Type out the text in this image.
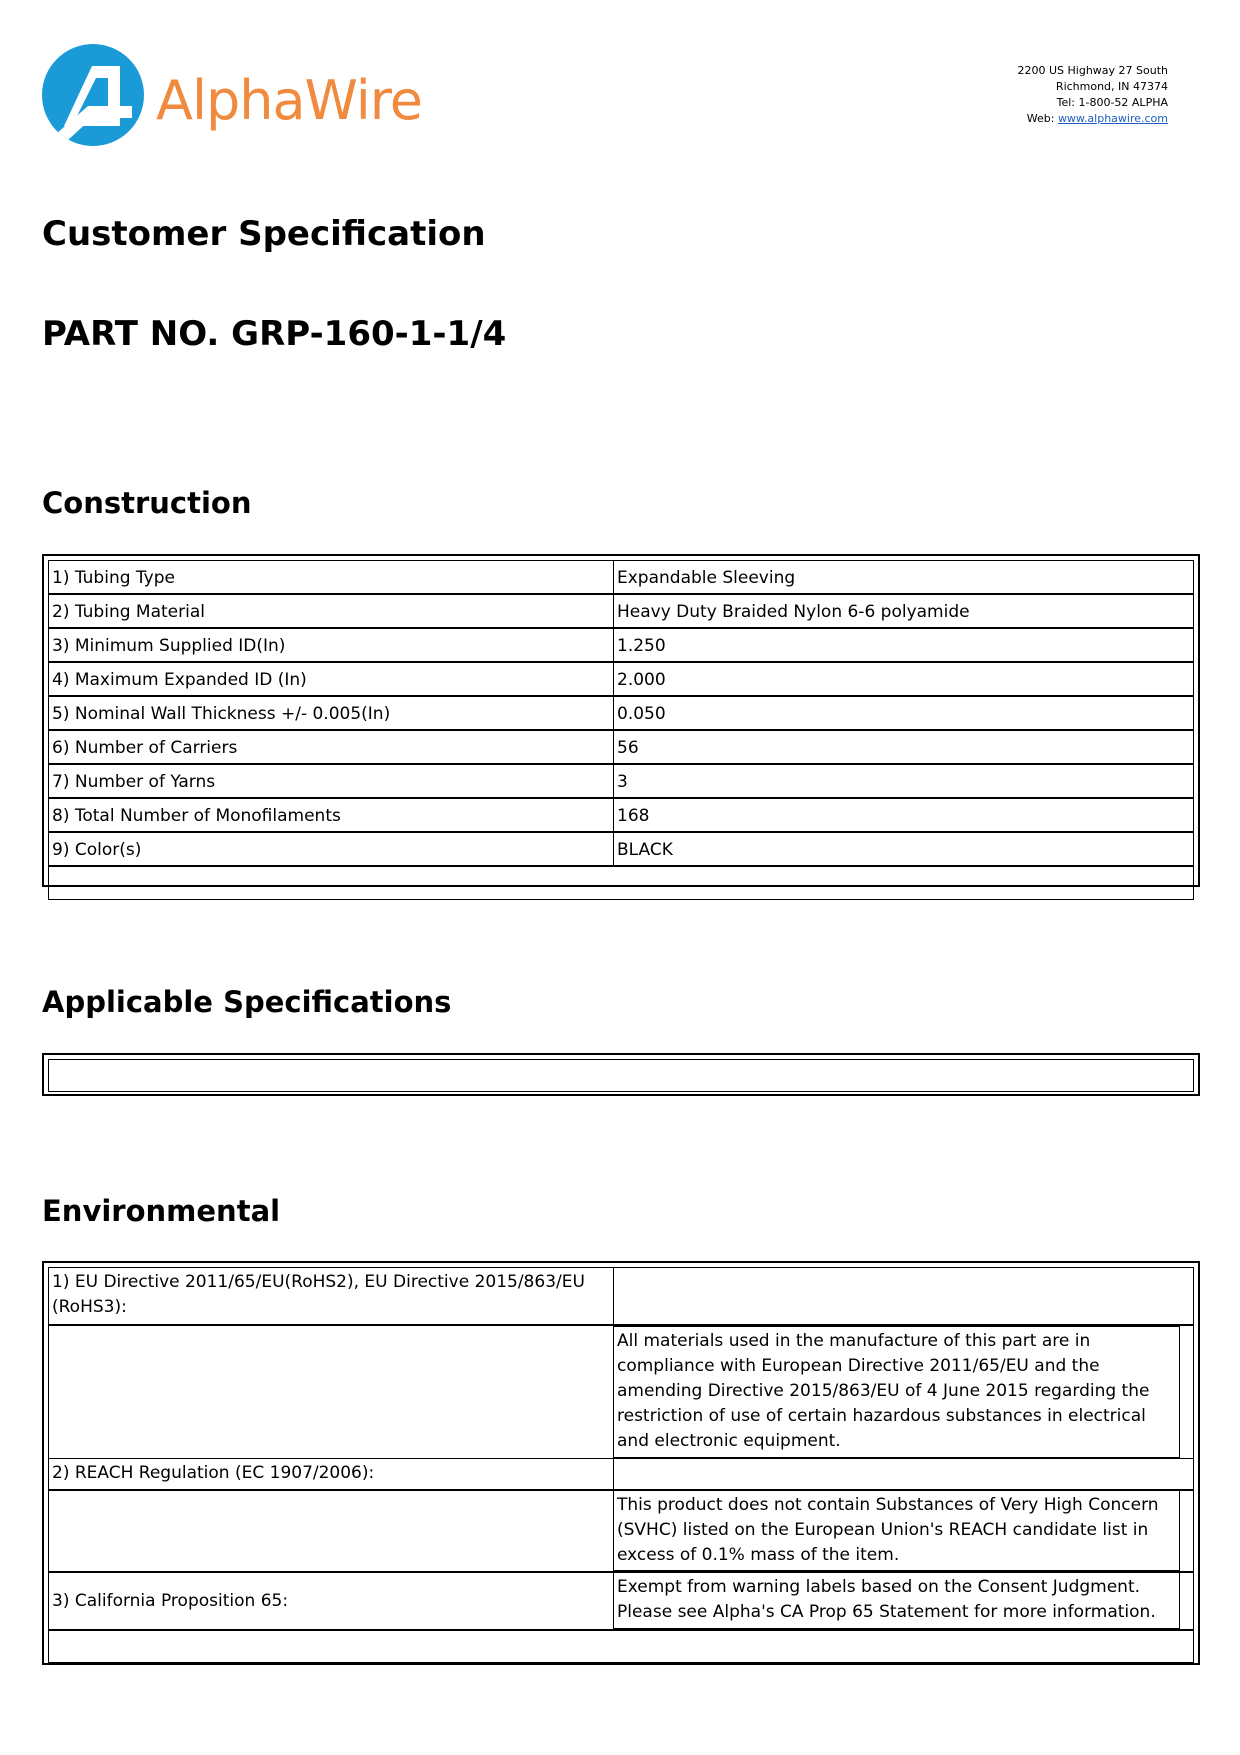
AlphaWire	2200 US Highway 27 South
Richmond, IN 47374
Tel: 1-800-52 ALPHA
Web: www.alphawire.com
Customer Specification
PART NO. GRP-160-1-1/4
Construction
1) Tubing Type	Expandable Sleeving
2) Tubing Material	Heavy Duty Braided Nylon 6-6 polyamide
3) Minimum Supplied ID(In)	1.250
4) Maximum Expanded ID (In)	2.000
5) Nominal Wall Thickness +/- 0.005(In)	0.050
6) Number of Carriers	56
7) Number of Yarns	3
8) Total Number of Monofilaments	168
9) Color(s)	BLACK
Applicable Specifications
Environmental
1) EU Directive 2011/65/EU(RoHS2), EU Directive 2015/863/EU (RoHS3):
All materials used in the manufacture of this part are in compliance with European Directive 2011/65/EU and the amending Directive 2015/863/EU of 4 June 2015 regarding the restriction of use of certain hazardous substances in electrical and electronic equipment.
2) REACH Regulation (EC 1907/2006):
This product does not contain Substances of Very High Concern (SVHC) listed on the European Union's REACH candidate list in excess of 0.1% mass of the item.
3) California Proposition 65:
Exempt from warning labels based on the Consent Judgment. Please see Alpha's CA Prop 65 Statement for more information.
